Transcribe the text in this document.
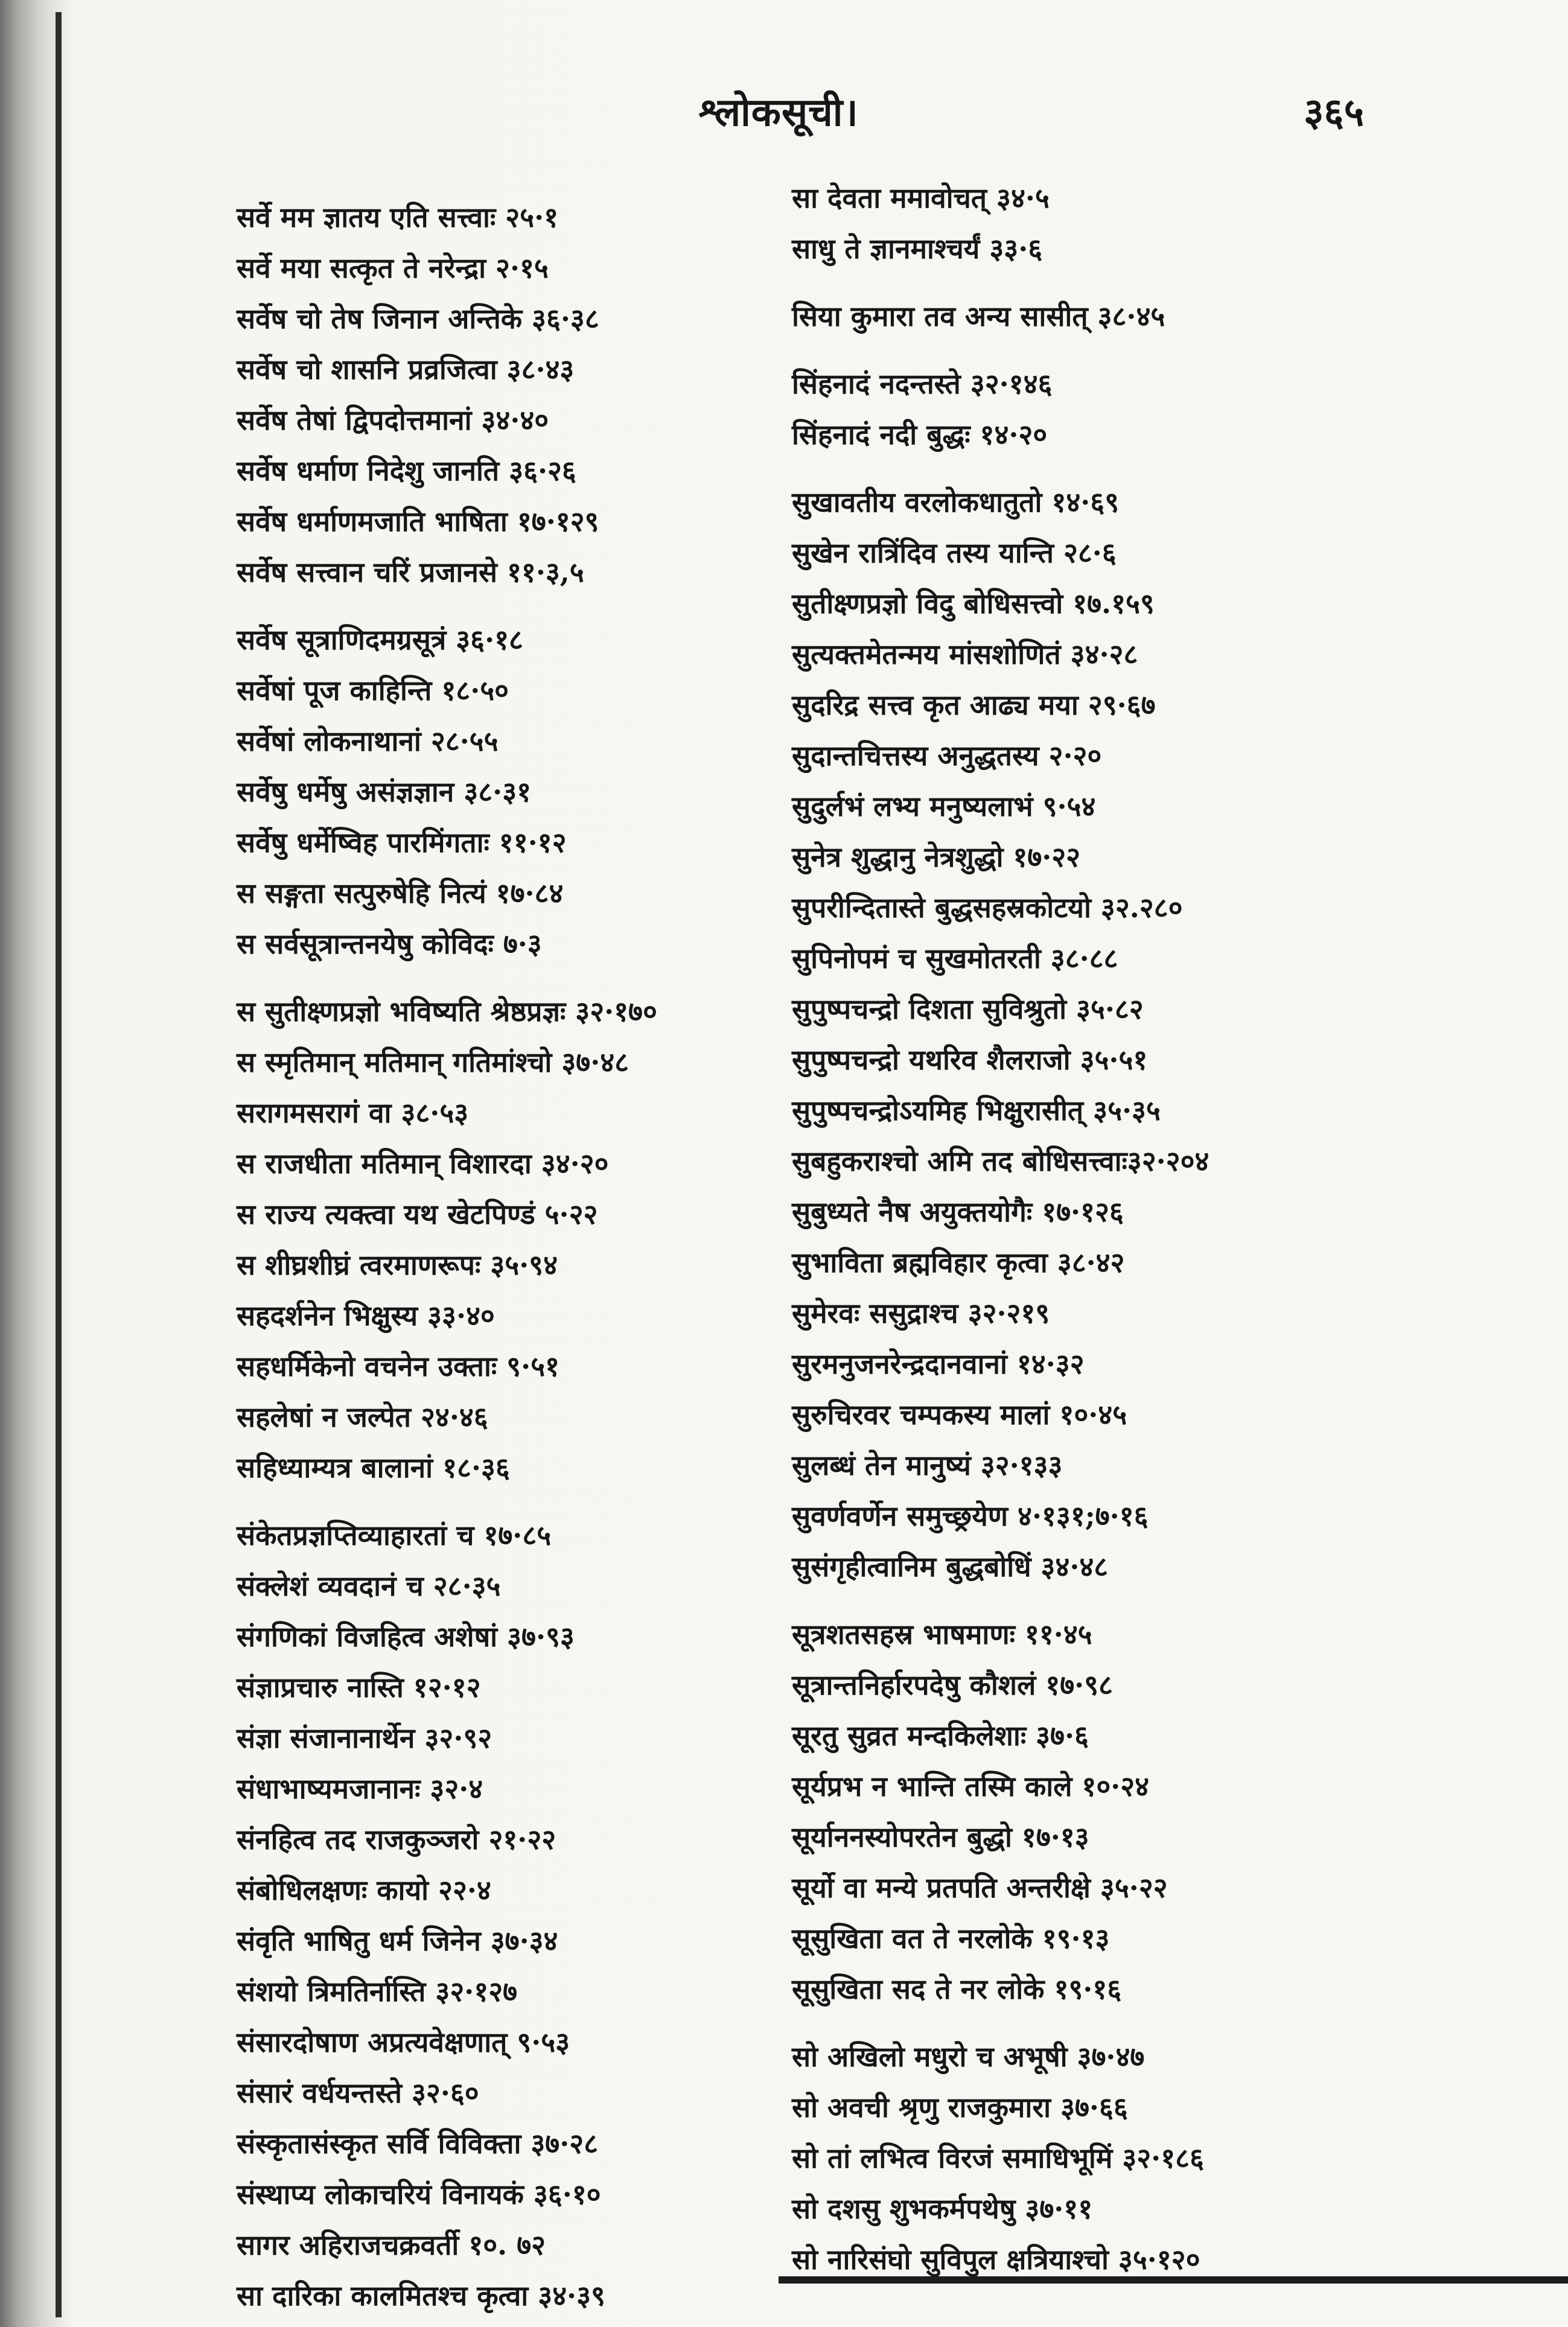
श्लोकसूची।	३६५
सर्वे मम ज्ञातय एति सत्त्वाः २५·१
सर्वे मया सत्कृत ते नरेन्द्रा २·१५
सर्वेष चो तेष जिनान अन्तिके ३६·३८
सर्वेष चो शासनि प्रव्रजित्वा ३८·४३
सर्वेष तेषां द्विपदोत्तमानां ३४·४०
सर्वेष धर्माण निदेशु जानति ३६·२६
सर्वेष धर्माणमजाति भाषिता १७·१२९
सर्वेष सत्त्वान चरिं प्रजानसे ११·३,५
सर्वेष सूत्राणिदमग्रसूत्रं ३६·१८
सर्वेषां पूज काहिन्ति १८·५०
सर्वेषां लोकनाथानां २८·५५
सर्वेषु धर्मेषु असंज्ञज्ञान ३८·३१
सर्वेषु धर्मेष्विह पारमिंगताः ११·१२
स सङ्गता सत्पुरुषेहि नित्यं १७·८४
स सर्वसूत्रान्तनयेषु कोविदः ७·३
स सुतीक्ष्णप्रज्ञो भविष्यति श्रेष्ठप्रज्ञः ३२·१७०
स स्मृतिमान् मतिमान् गतिमांश्चो ३७·४८
सरागमसरागं वा ३८·५३
स राजधीता मतिमान् विशारदा ३४·२०
स राज्य त्यक्त्वा यथ खेटपिण्डं ५·२२
स शीघ्रशीघ्रं त्वरमाणरूपः ३५·९४
सहदर्शनेन भिक्षुस्य ३३·४०
सहधर्मिकेनो वचनेन उक्ताः ९·५१
सहलेषां न जल्पेत २४·४६
सहिध्याम्यत्र बालानां १८·३६
संकेतप्रज्ञप्तिव्याहारतां च १७·८५
संक्लेशं व्यवदानं च २८·३५
संगणिकां विजहित्व अशेषां ३७·९३
संज्ञाप्रचारु नास्ति १२·१२
संज्ञा संजानानार्थेन ३२·९२
संधाभाष्यमजानानः ३२·४
संनहित्व तद राजकुञ्जरो २१·२२
संबोधिलक्षणः कायो २२·४
संवृति भाषितु धर्म जिनेन ३७·३४
संशयो त्रिमतिर्नास्ति ३२·१२७
संसारदोषाण अप्रत्यवेक्षणात् ९·५३
संसारं वर्धयन्तस्ते ३२·६०
संस्कृतासंस्कृत सर्वि विविक्ता ३७·२८
संस्थाप्य लोकाचरियं विनायकं ३६·१०
सागर अहिराजचक्रवर्ती १०. ७२
सा दारिका कालमितश्च कृत्वा ३४·३९
सा देवता ममावोचत् ३४·५
साधु ते ज्ञानमाश्चर्यं ३३·६
सिया कुमारा तव अन्य सासीत् ३८·४५
सिंहनादं नदन्तस्ते ३२·१४६
सिंहनादं नदी बुद्धः १४·२०
सुखावतीय वरलोकधातुतो १४·६९
सुखेन रात्रिंदिव तस्य यान्ति २८·६
सुतीक्ष्णप्रज्ञो विदु बोधिसत्त्वो १७.१५९
सुत्यक्तमेतन्मय मांसशोणितं ३४·२८
सुदरिद्र सत्त्व कृत आढ्य मया २९·६७
सुदान्तचित्तस्य अनुद्धतस्य २·२०
सुदुर्लभं लभ्य मनुष्यलाभं ९·५४
सुनेत्र शुद्धानु नेत्रशुद्धो १७·२२
सुपरीन्दितास्ते बुद्धसहस्रकोटयो ३२.२८०
सुपिनोपमं च सुखमोतरती ३८·८८
सुपुष्पचन्द्रो दिशता सुविश्रुतो ३५·८२
सुपुष्पचन्द्रो यथरिव शैलराजो ३५·५१
सुपुष्पचन्द्रोऽयमिह भिक्षुरासीत् ३५·३५
सुबहुकराश्चो अमि तद बोधिसत्त्वाः३२·२०४
सुबुध्यते नैष अयुक्तयोगैः १७·१२६
सुभाविता ब्रह्मविहार कृत्वा ३८·४२
सुमेरवः ससुद्राश्च ३२·२१९
सुरमनुजनरेन्द्रदानवानां १४·३२
सुरुचिरवर चम्पकस्य मालां १०·४५
सुलब्धं तेन मानुष्यं ३२·१३३
सुवर्णवर्णेन समुच्छ्रयेण ४·१३१;७·१६
सुसंगृहीत्वानिम बुद्धबोधिं ३४·४८
सूत्रशतसहस्र भाषमाणः ११·४५
सूत्रान्तनिर्हारपदेषु कौशलं १७·९८
सूरतु सुव्रत मन्दकिलेशाः ३७·६
सूर्यप्रभ न भान्ति तस्मि काले १०·२४
सूर्याननस्योपरतेन बुद्धो १७·१३
सूर्यो वा मन्ये प्रतपति अन्तरीक्षे ३५·२२
सूसुखिता वत ते नरलोके १९·१३
सूसुखिता सद ते नर लोके १९·१६
सो अखिलो मधुरो च अभूषी ३७·४७
सो अवची श्रृणु राजकुमारा ३७·६६
सो तां लभित्व विरजं समाधिभूमिं ३२·१८६
सो दशसु शुभकर्मपथेषु ३७·११
सो नारिसंघो सुविपुल क्षत्रियाश्चो ३५·१२०
